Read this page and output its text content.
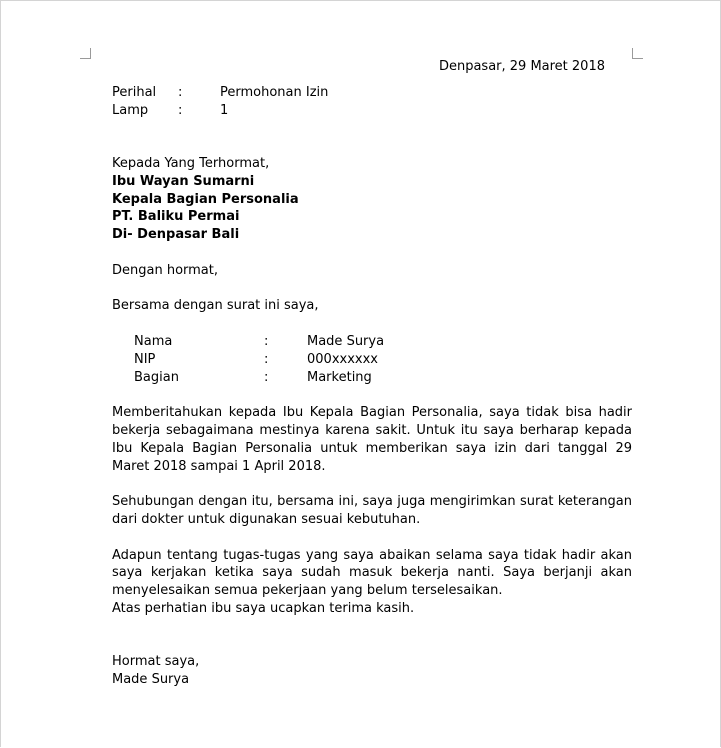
Denpasar, 29 Maret 2018
Perihal	:	Permohonan Izin
Lamp	:	1
Kepada Yang Terhormat,
Ibu Wayan Sumarni
Kepala Bagian Personalia
PT. Baliku Permai
Di- Denpasar Bali
Dengan hormat,
Bersama dengan surat ini saya,
Nama	:	Made Surya
NIP	:	000xxxxxx
Bagian	:	Marketing
Memberitahukan kepada Ibu Kepala Bagian Personalia, saya tidak bisa hadir bekerja sebagaimana mestinya karena sakit. Untuk itu saya berharap kepada Ibu Kepala Bagian Personalia untuk memberikan saya izin dari tanggal 29 Maret 2018 sampai 1 April 2018.
Sehubungan dengan itu, bersama ini, saya juga mengirimkan surat keterangan dari dokter untuk digunakan sesuai kebutuhan.
Adapun tentang tugas-tugas yang saya abaikan selama saya tidak hadir akan saya kerjakan ketika saya sudah masuk bekerja nanti. Saya berjanji akan menyelesaikan semua pekerjaan yang belum terselesaikan.
Atas perhatian ibu saya ucapkan terima kasih.
Hormat saya,
Made Surya
